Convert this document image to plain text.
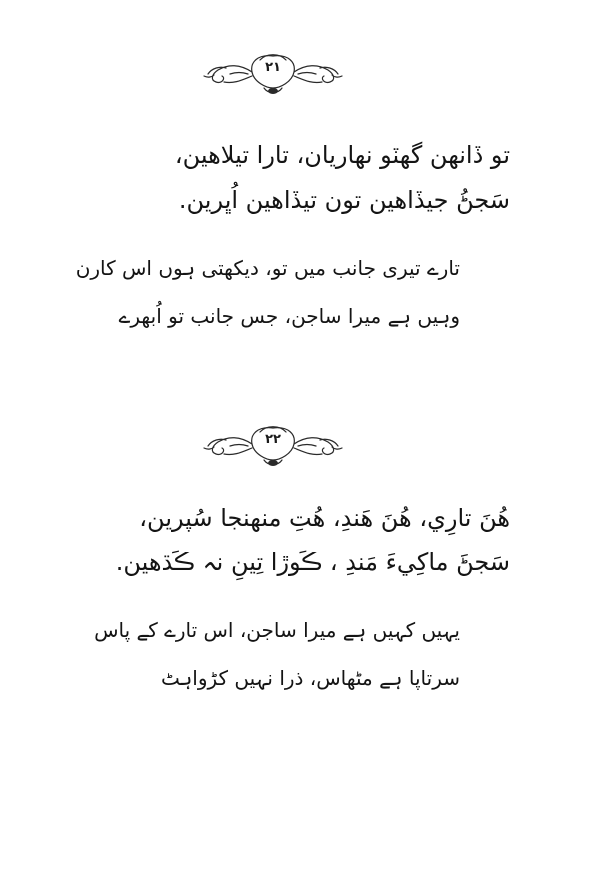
۲۱
تو ڏانهن گهٽو نهاريان، تارا تيلاهين،
سَجڻُ جيڏاهين تون تيڏاهين اُڀرين.
تارے تیری جانب میں تو، دیکھتی ہوں اس کارن
وہیں ہے میرا ساجن، جس جانب تو اُبھرے
۲۲
هُنَ تارِي، هُنَ هَندِ، هُتِ منهنجا سُپرين،
سَجڻَ ماکِيءَ مَندِ ، ڪَوڙا تِينِ نہ ڪَڌهين.
یہیں کہیں ہے میرا ساجن، اس تارے کے پاس
سرتاپا ہے مٹھاس، ذرا نہیں کڑواہٹ
